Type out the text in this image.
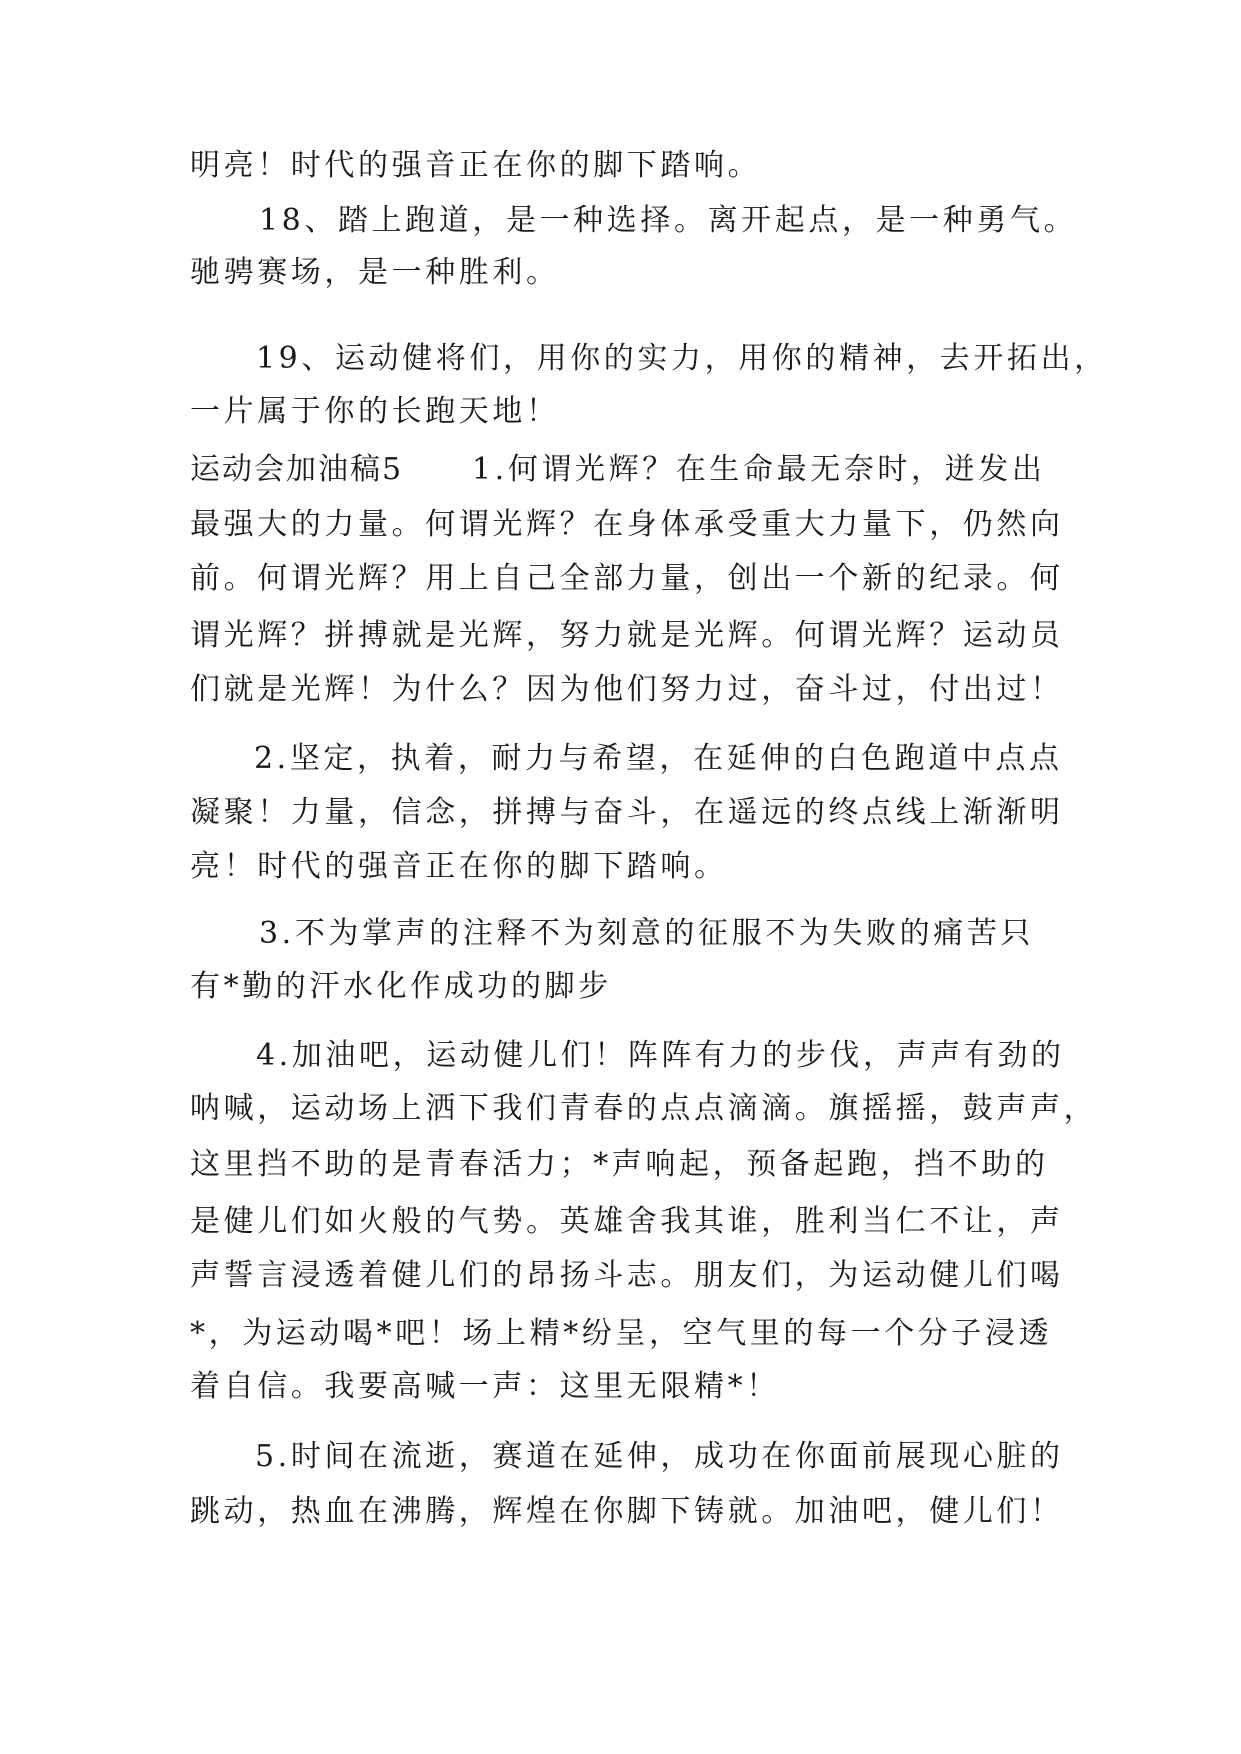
明亮！时代的强音正在你的脚下踏响。
18、踏上跑道，是一种选择。离开起点，是一种勇气。
驰骋赛场，是一种胜利。
19、运动健将们，用你的实力，用你的精神，去开拓出，
一片属于你的长跑天地！
运动会加油稿5 1.何谓光辉？在生命最无奈时，迸发出
最强大的力量。何谓光辉？在身体承受重大力量下，仍然向
前。何谓光辉？用上自己全部力量，创出一个新的纪录。何
谓光辉？拼搏就是光辉，努力就是光辉。何谓光辉？运动员
们就是光辉！为什么？因为他们努力过，奋斗过，付出过！
2.坚定，执着，耐力与希望，在延伸的白色跑道中点点
凝聚！力量，信念，拼搏与奋斗，在遥远的终点线上渐渐明
亮！时代的强音正在你的脚下踏响。
3.不为掌声的注释不为刻意的征服不为失败的痛苦只
有*勤的汗水化作成功的脚步
4.加油吧，运动健儿们！阵阵有力的步伐，声声有劲的
呐喊，运动场上洒下我们青春的点点滴滴。旗摇摇，鼓声声，
这里挡不助的是青春活力；*声响起，预备起跑，挡不助的
是健儿们如火般的气势。英雄舍我其谁，胜利当仁不让，声
声誓言浸透着健儿们的昂扬斗志。朋友们，为运动健儿们喝
*，为运动喝*吧！场上精*纷呈，空气里的每一个分子浸透
着自信。我要高喊一声：这里无限精*！
5.时间在流逝，赛道在延伸，成功在你面前展现心脏的
跳动，热血在沸腾，辉煌在你脚下铸就。加油吧，健儿们！
